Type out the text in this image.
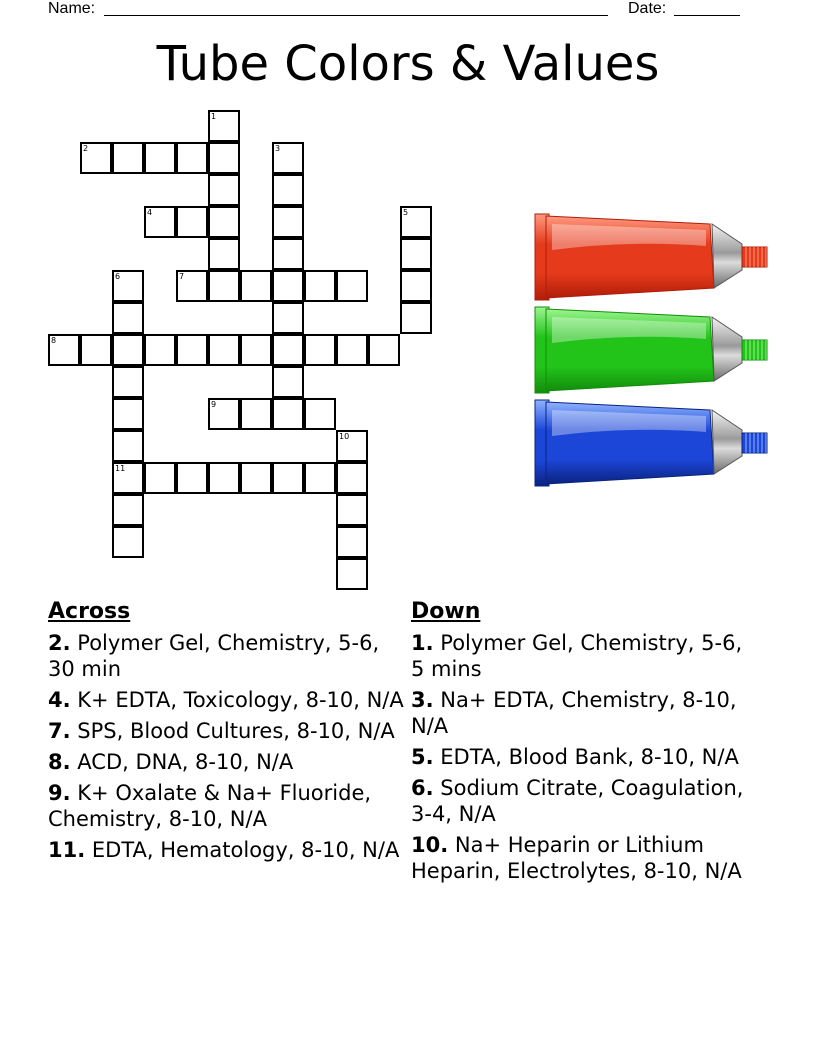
Name:	Date:
Tube Colors & Values
1
2	3
4	5
6
11
7
8
9
10
Across
2. Polymer Gel, Chemistry, 5-6, 30 min
4. K+ EDTA, Toxicology, 8-10, N/A
7. SPS, Blood Cultures, 8-10, N/A
8. ACD, DNA, 8-10, N/A
9. K+ Oxalate & Na+ Fluoride, Chemistry, 8-10, N/A
11. EDTA, Hematology, 8-10, N/A
Down
1. Polymer Gel, Chemistry, 5-6, 5 mins
3. Na+ EDTA, Chemistry, 8-10, N/A
5. EDTA, Blood Bank, 8-10, N/A
6. Sodium Citrate, Coagulation, 3-4, N/A
10. Na+ Heparin or Lithium Heparin, Electrolytes, 8-10, N/A
